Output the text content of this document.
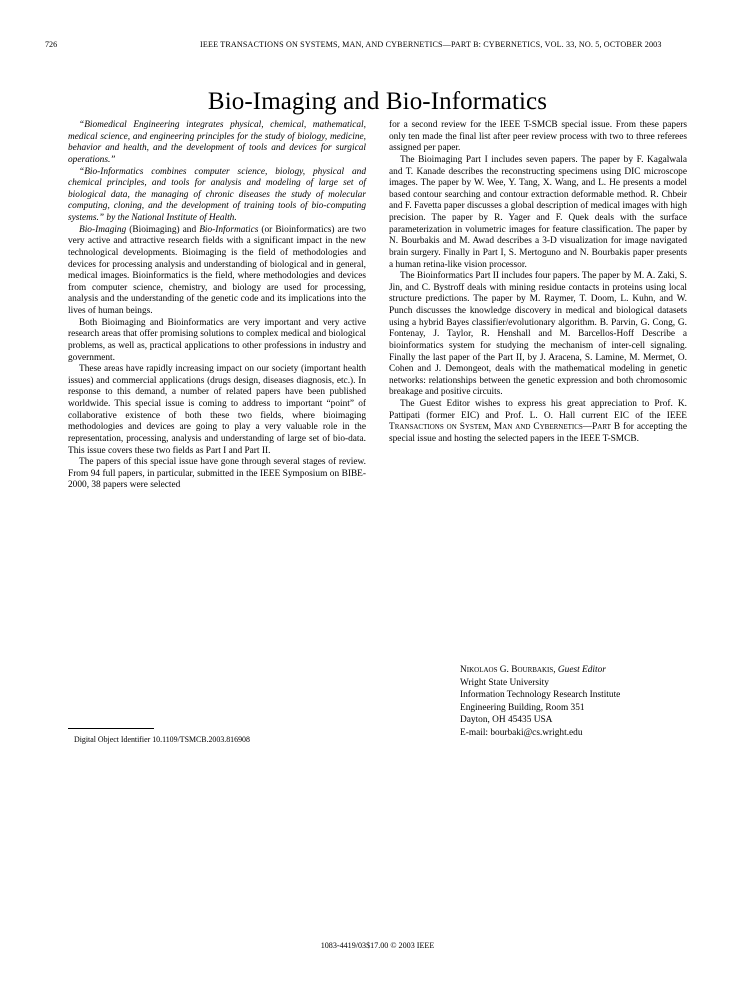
726	IEEE TRANSACTIONS ON SYSTEMS, MAN, AND CYBERNETICS—PART B: CYBERNETICS, VOL. 33, NO. 5, OCTOBER 2003
Bio-Imaging and Bio-Informatics

“Biomedical Engineering integrates physical, chemical, mathematical, medical science, and engineering principles for the study of biology, medicine, behavior and health, and the development of tools and devices for surgical operations.”

“Bio-Informatics combines computer science, biology, physical and chemical principles, and tools for analysis and modeling of large set of biological data, the managing of chronic diseases the study of molecular computing, cloning, and the development of training tools of bio-computing systems.” by the National Institute of Health.

Bio-Imaging (Bioimaging) and Bio-Informatics (or Bioinformatics) are two very active and attractive research fields with a significant impact in the new technological developments. Bioimaging is the field of methodologies and devices for processing analysis and understanding of biological and in general, medical images. Bioinformatics is the field, where methodologies and devices from computer science, chemistry, and biology are used for processing, analysis and the understanding of the genetic code and its implications into the lives of human beings.

Both Bioimaging and Bioinformatics are very important and very active research areas that offer promising solutions to complex medical and biological problems, as well as, practical applications to other professions in industry and government.

These areas have rapidly increasing impact on our society (important health issues) and commercial applications (drugs design, diseases diagnosis, etc.). In response to this demand, a number of related papers have been published worldwide. This special issue is coming to address to important “point” of collaborative existence of both these two fields, where bioimaging methodologies and devices are going to play a very valuable role in the representation, processing, analysis and understanding of large set of bio-data. This issue covers these two fields as Part I and Part II.

The papers of this special issue have gone through several stages of review. From 94 full papers, in particular, submitted in the IEEE Symposium on BIBE-2000, 38 papers were selected

Digital Object Identifier 10.1109/TSMCB.2003.816908

for a second review for the IEEE T-SMCB special issue. From these papers only ten made the final list after peer review process with two to three referees assigned per paper.

The Bioimaging Part I includes seven papers. The paper by F. Kagalwala and T. Kanade describes the reconstructing specimens using DIC microscope images. The paper by W. Wee, Y. Tang, X. Wang, and L. He presents a model based contour searching and contour extraction deformable method. R. Chbeir and F. Favetta paper discusses a global description of medical images with high precision. The paper by R. Yager and F. Quek deals with the surface parameterization in volumetric images for feature classification. The paper by N. Bourbakis and M. Awad describes a 3-D visualization for image navigated brain surgery. Finally in Part I, S. Mertoguno and N. Bourbakis paper presents a human retina-like vision processor.

The Bioinformatics Part II includes four papers. The paper by M. A. Zaki, S. Jin, and C. Bystroff deals with mining residue contacts in proteins using local structure predictions. The paper by M. Raymer, T. Doom, L. Kuhn, and W. Punch discusses the knowledge discovery in medical and biological datasets using a hybrid Bayes classifier/evolutionary algorithm. B. Parvin, G. Cong, G. Fontenay, J. Taylor, R. Henshall and M. Barcellos-Hoff Describe a bioinformatics system for studying the mechanism of inter-cell signaling. Finally the last paper of the Part II, by J. Aracena, S. Lamine, M. Mermet, O. Cohen and J. Demongeot, deals with the mathematical modeling in genetic networks: relationships between the genetic expression and both chromosomic breakage and positive circuits.

The Guest Editor wishes to express his great appreciation to Prof. K. Pattipati (former EIC) and Prof. L. O. Hall current EIC of the IEEE Transactions on System, Man and Cybernetics—Part B for accepting the special issue and hosting the selected papers in the IEEE T-SMCB.

Nikolaos G. Bourbakis, Guest Editor
Wright State University
Information Technology Research Institute
Engineering Building, Room 351
Dayton, OH 45435 USA
E-mail: bourbaki@cs.wright.edu
1083-4419/03$17.00 © 2003 IEEE
